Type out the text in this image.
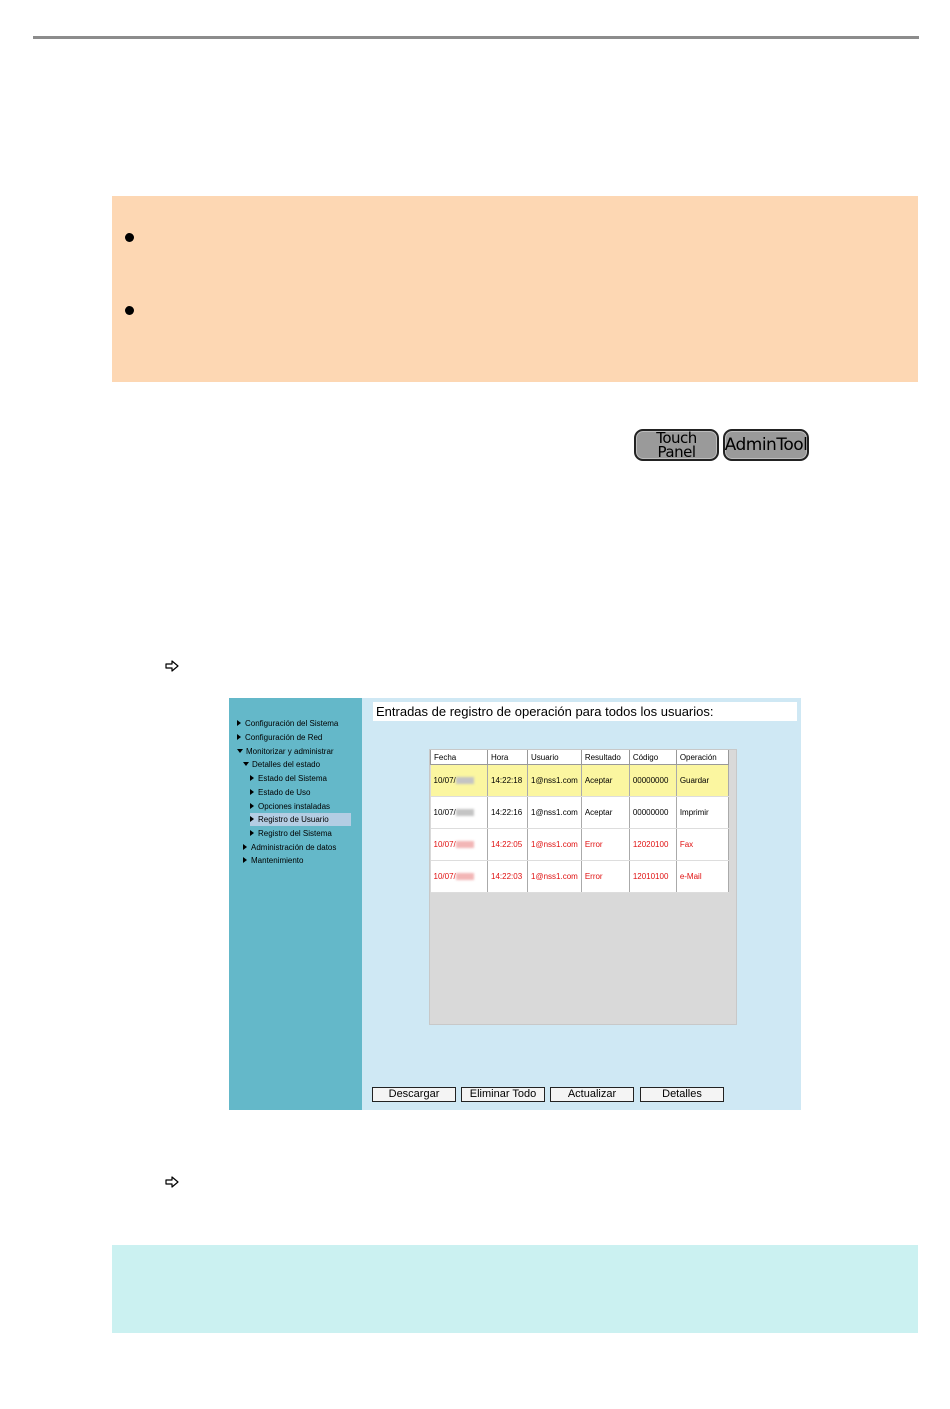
Touch
Panel	AdminTool
Configuración del Sistema
Configuración de Red
Monitorizar y administrar
Detalles del estado
Estado del Sistema
Estado de Uso
Opciones instaladas
Registro de Usuario
Registro del Sistema
Administración de datos
Mantenimiento
Entradas de registro de operación para todos los usuarios:
Fecha	Hora	Usuario	Resultado	Código	Operación
10/07/	14:22:18	1@nss1.com	Aceptar	00000000	Guardar
10/07/	14:22:16	1@nss1.com	Aceptar	00000000	Imprimir
10/07/	14:22:05	1@nss1.com	Error	12020100	Fax
10/07/	14:22:03	1@nss1.com	Error	12010100	e-Mail
Descargar	Eliminar Todo	Actualizar	Detalles
